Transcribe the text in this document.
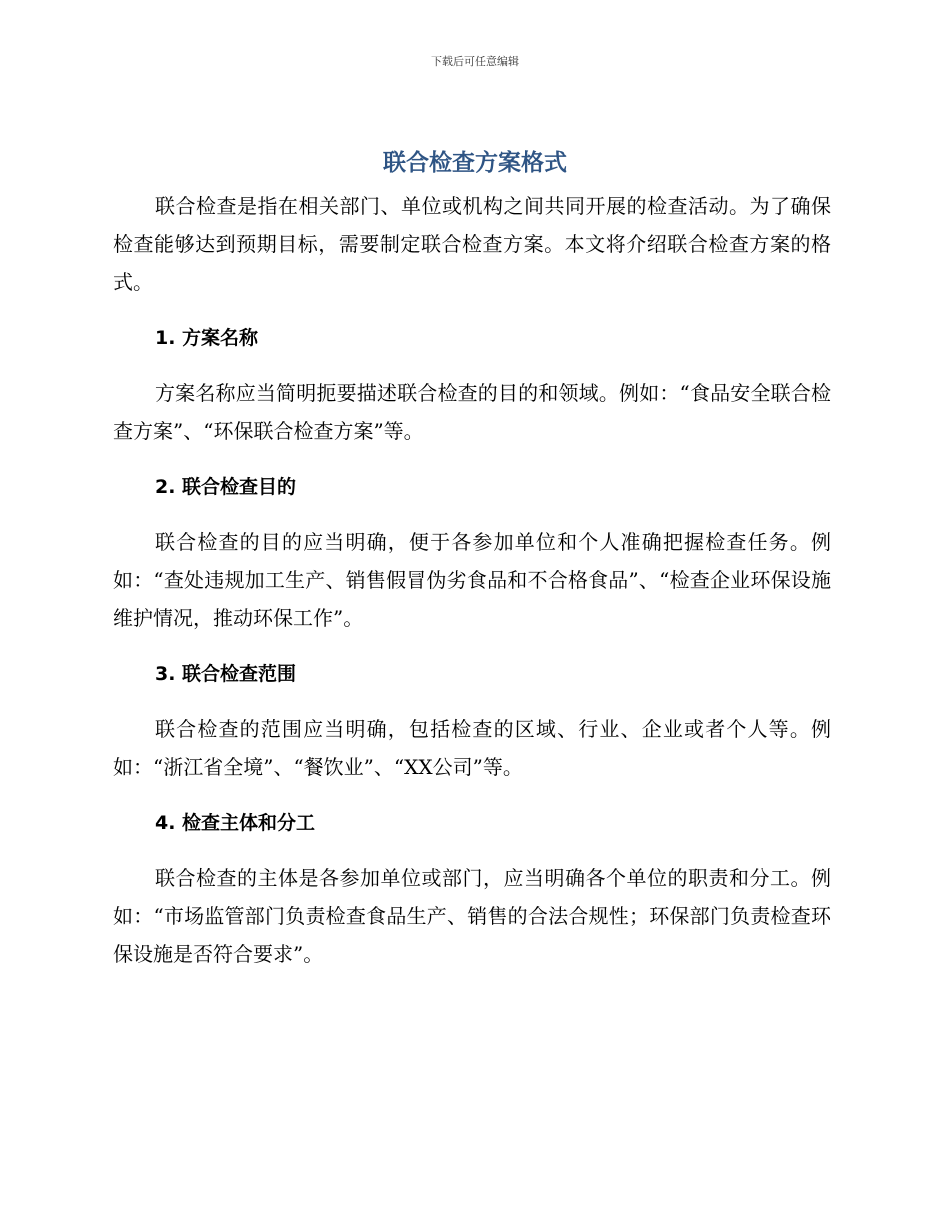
下载后可任意编辑
联合检查方案格式

联合检查是指在相关部门、单位或机构之间共同开展的检查活动。为了确保检查能够达到预期目标，需要制定联合检查方案。本文将介绍联合检查方案的格式。

1. 方案名称

方案名称应当简明扼要描述联合检查的目的和领域。例如：“食品安全联合检查方案”、“环保联合检查方案”等。

2. 联合检查目的

联合检查的目的应当明确，便于各参加单位和个人准确把握检查任务。例如：“查处违规加工生产、销售假冒伪劣食品和不合格食品”、“检查企业环保设施维护情况，推动环保工作”。

3. 联合检查范围

联合检查的范围应当明确，包括检查的区域、行业、企业或者个人等。例如：“浙江省全境”、“餐饮业”、“XX公司”等。

4. 检查主体和分工

联合检查的主体是各参加单位或部门，应当明确各个单位的职责和分工。例如：“市场监管部门负责检查食品生产、销售的合法合规性；环保部门负责检查环保设施是否符合要求”。
